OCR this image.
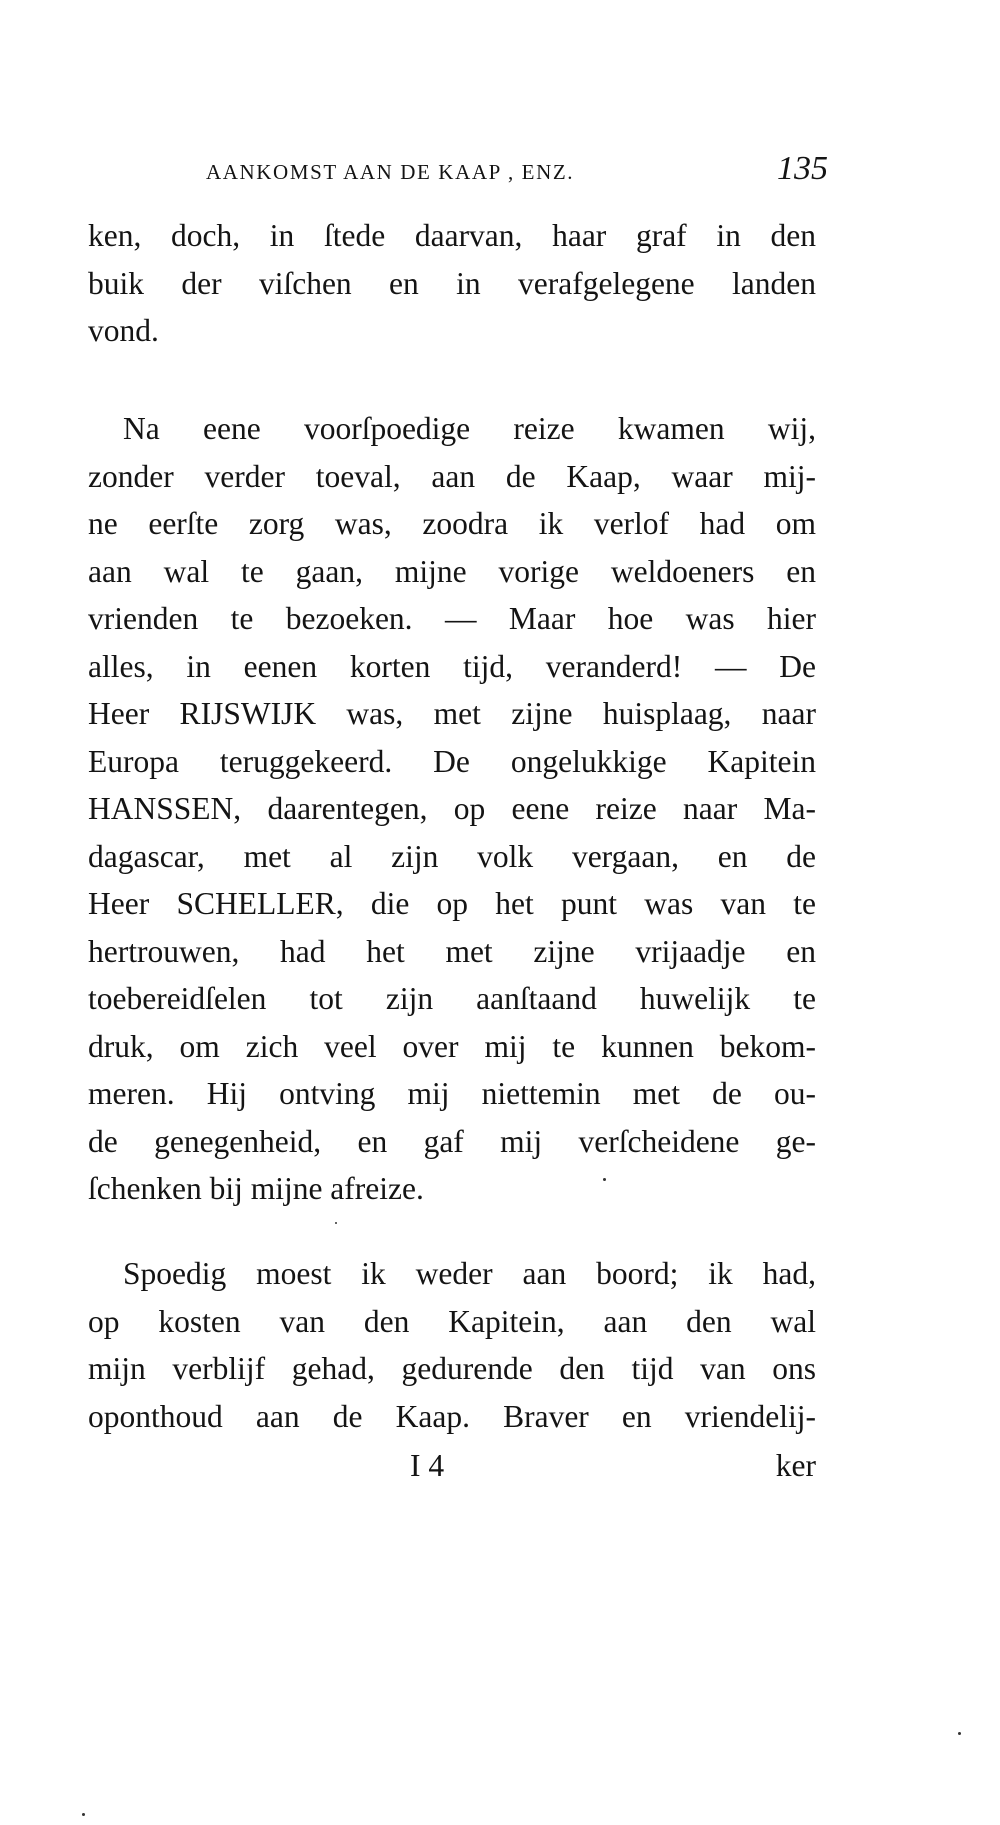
AANKOMST AAN DE KAAP , ENZ.	135
ken, doch, in ſtede daarvan, haar graf in den
buik der viſchen en in verafgelegene landen
vond.
Na eene voorſpoedige reize kwamen wij,
zonder verder toeval, aan de Kaap, waar mij-
ne eerſte zorg was, zoodra ik verlof had om
aan wal te gaan, mijne vorige weldoeners en
vrienden te bezoeken. — Maar hoe was hier
alles, in eenen korten tijd, veranderd! — De
Heer RIJSWIJK was, met zijne huisplaag, naar
Europa teruggekeerd. De ongelukkige Kapitein
HANSSEN, daarentegen, op eene reize naar Ma-
dagascar, met al zijn volk vergaan, en de
Heer SCHELLER, die op het punt was van te
hertrouwen, had het met zijne vrijaadje en
toebereidſelen tot zijn aanſtaand huwelijk te
druk, om zich veel over mij te kunnen bekom-
meren. Hij ontving mij niettemin met de ou-
de genegenheid, en gaf mij verſcheidene ge-
ſchenken bij mijne afreize.
Spoedig moest ik weder aan boord; ik had,
op kosten van den Kapitein, aan den wal
mijn verblijf gehad, gedurende den tijd van ons
oponthoud aan de Kaap. Braver en vriendelij-
I 4	ker
